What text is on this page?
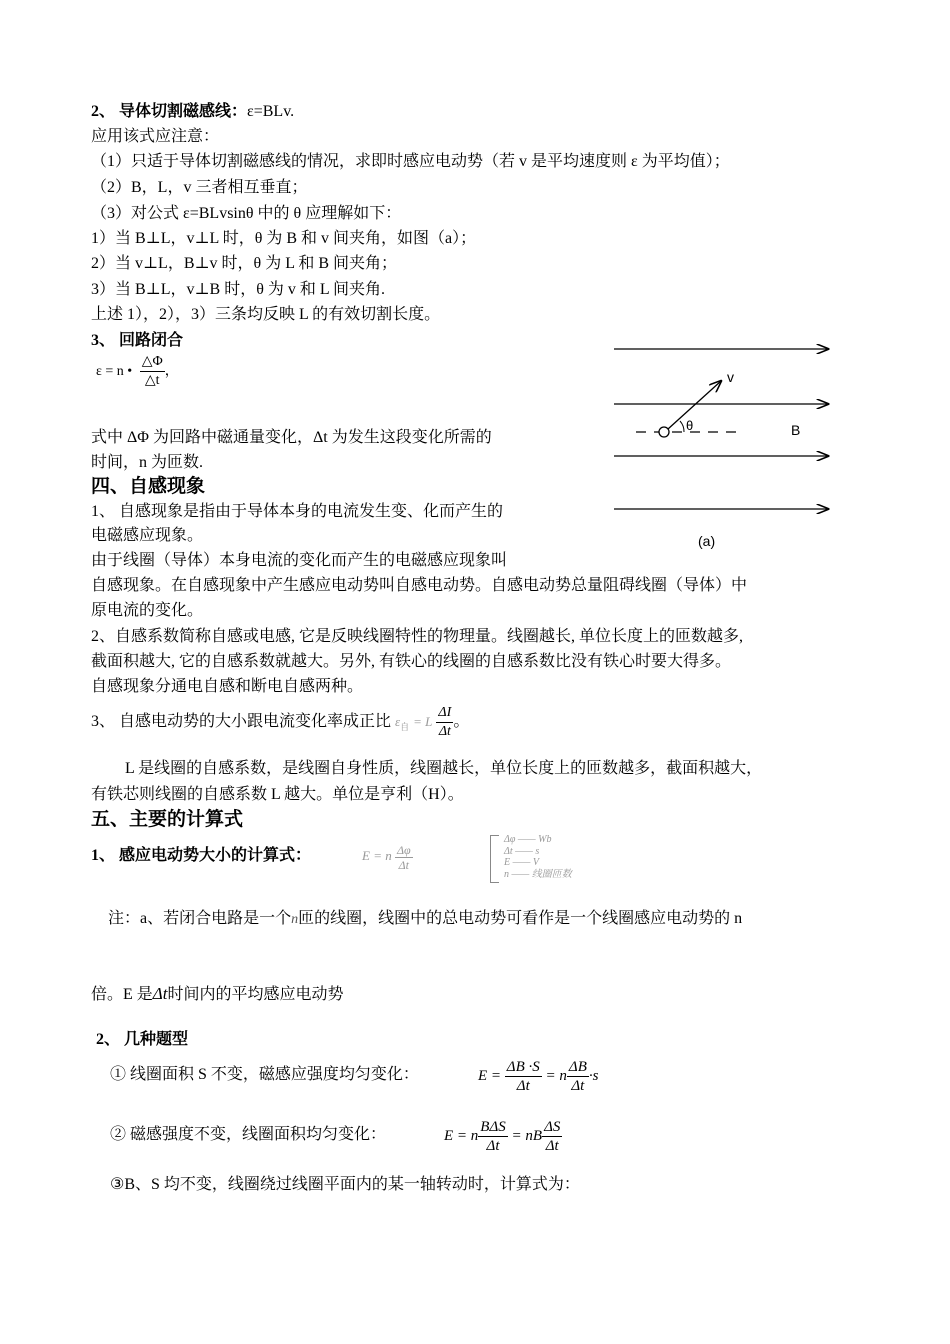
2、 导体切割磁感线：ε=BLv.
应用该式应注意：
（1）只适于导体切割磁感线的情况，求即时感应电动势（若 v 是平均速度则 ε 为平均值）；
（2）B，L，v 三者相互垂直；
（3）对公式 ε=BLvsinθ 中的 θ 应理解如下：
1）当 B⊥L，v⊥L 时，θ 为 B 和 v 间夹角，如图（a）；
2）当 v⊥L，B⊥v 时，θ 为 L 和 B 间夹角；
3）当 B⊥L，v⊥B 时，θ 为 v 和 L 间夹角.
上述 1），2），3）三条均反映 L 的有效切割长度。
3、 回路闭合
ε = n • $\frac{\triangle\Phi}{\triangle t}$ ，
式中 ΔΦ 为回路中磁通量变化，Δt 为发生这段变化所需的
时间，n 为匝数.
v
θ	B
(a)
四、自感现象
1、 自感现象是指由于导体本身的电流发生变、化而产生的
电磁感应现象。
由于线圈（导体）本身电流的变化而产生的电磁感应现象叫
自感现象。在自感现象中产生感应电动势叫自感电动势。自感电动势总量阻碍线圈（导体）中
原电流的变化。
2、自感系数简称自感或电感, 它是反映线圈特性的物理量。线圈越长, 单位长度上的匝数越多,
截面积越大, 它的自感系数就越大。另外, 有铁心的线圈的自感系数比没有铁心时要大得多。
自感现象分通电自感和断电自感两种。
3、 自感电动势的大小跟电流变化率成正比 $\varepsilon_自 = L \frac{\Delta I}{\Delta t}$ 。
L 是线圈的自感系数，是线圈自身性质，线圈越长，单位长度上的匝数越多，截面积越大，
有铁芯则线圈的自感系数 L 越大。单位是亨利（H）。
五、主要的计算式
1、 感应电动势大小的计算式：	E = n $\frac{\Delta\varphi}{\Delta t}$
Δφ —— Wb
Δt —— s
E —— V
n —— 线圈匝数
注：a、若闭合电路是一个n匝的线圈，线圈中的总电动势可看作是一个线圈感应电动势的 n
倍。E 是Δt时间内的平均感应电动势
2、 几种题型
① 线圈面积 S 不变，磁感应强度均匀变化：	$E = \frac{\Delta B \cdot S}{\Delta t} = n \frac{\Delta B}{\Delta t} \cdot s$
② 磁感强度不变，线圈面积均匀变化：	E = n $\frac{\text{BΔS}}{\Delta t}$ = nB $\frac{\Delta S}{\Delta t}$
③B、S 均不变，线圈绕过线圈平面内的某一轴转动时，计算式为：
